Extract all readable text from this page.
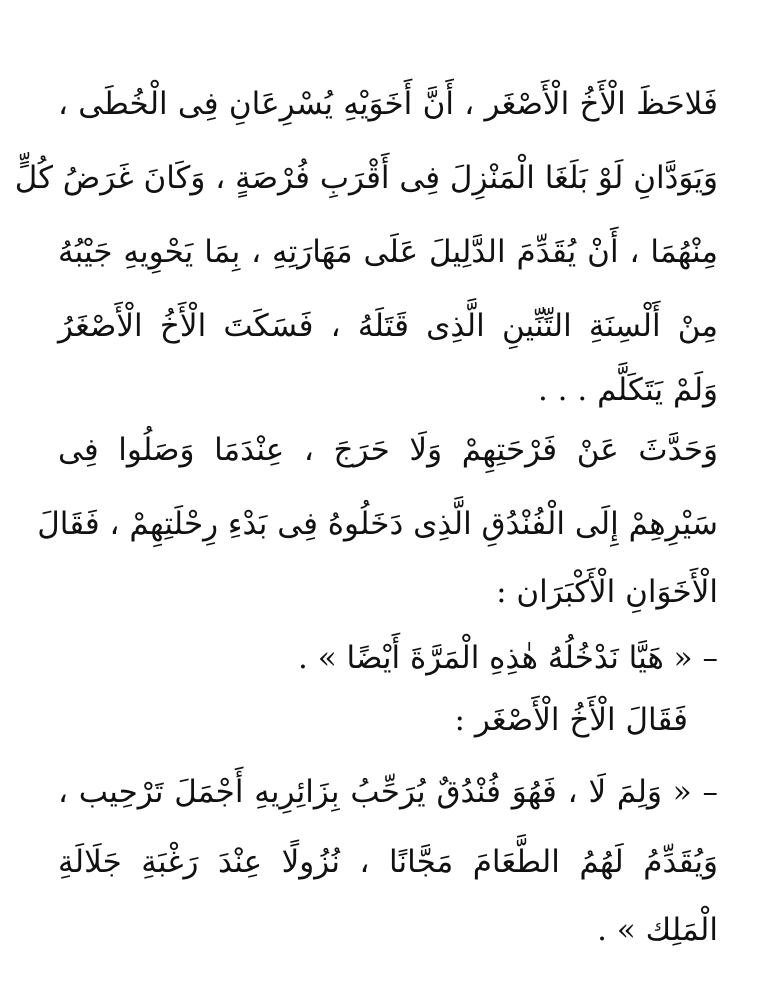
فَلاحَظَ الْأَخُ الْأَصْغَر ، أَنَّ أَخَوَيْهِ يُسْرِعَانِ فِى الْخُطَى ،
وَيَوَدَّانِ لَوْ بَلَغَا الْمَنْزِلَ فِى أَقْرَبِ فُرْصَةٍ ، وَكَانَ غَرَضُ كُلٍّ
مِنْهُمَا ، أَنْ يُقَدِّمَ الدَّلِيلَ عَلَى مَهَارَتِهِ ، بِمَا يَحْوِيهِ جَيْبُهُ
مِنْ أَلْسِنَةِ التِّنِّينِ الَّذِى قَتَلَهُ ، فَسَكَتَ الْأَخُ الْأَصْغَرُ
وَلَمْ يَتَكَلَّم . . .
وَحَدَّثَ عَنْ فَرْحَتِهِمْ وَلَا حَرَجَ ، عِنْدَمَا وَصَلُوا فِى
سَيْرِهِمْ إِلَى الْفُنْدُقِ الَّذِى دَخَلُوهُ فِى بَدْءِ رِحْلَتِهِمْ ، فَقَالَ
الْأَخَوَانِ الْأَكْبَرَان :
– « هَيَّا نَدْخُلُهُ هٰذِهِ الْمَرَّةَ أَيْضًا » .
فَقَالَ الْأَخُ الْأَصْغَر :
– « وَلِمَ لَا ، فَهُوَ فُنْدُقٌ يُرَحِّبُ بِزَائِرِيهِ أَجْمَلَ تَرْحِيب ،
وَيُقَدِّمُ لَهُمُ الطَّعَامَ مَجَّانًا ، نُزُولًا عِنْدَ رَغْبَةِ جَلَالَةِ
الْمَلِك » .
